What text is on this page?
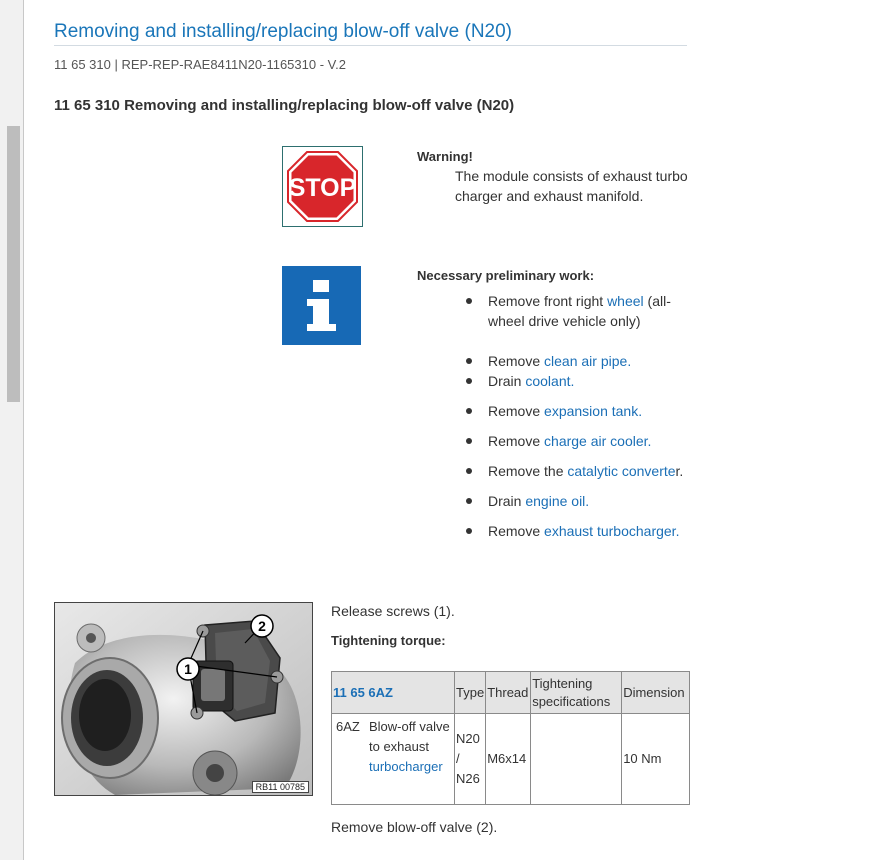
Removing and installing/replacing blow-off valve (N20)
11 65 310 | REP-REP-RAE8411N20-1165310 - V.2
11 65 310 Removing and installing/replacing blow-off valve (N20)
STOP
Warning!
The module consists of exhaust turbo charger and exhaust manifold.
Necessary preliminary work:
Remove front right wheel (all-wheel drive vehicle only)
Remove clean air pipe.
Drain coolant.
Remove expansion tank.
Remove charge air cooler.
Remove the catalytic converter.
Drain engine oil.
Remove exhaust turbocharger.
1
2
RB11 00785
Release screws (1).
Tightening torque:
11 65 6AZ	Type	Thread	Tightening specifications	Dimension

6AZ Blow-off valve to exhaust turbocharger	N20 / N26	M6x14		10 Nm
Remove blow-off valve (2).
